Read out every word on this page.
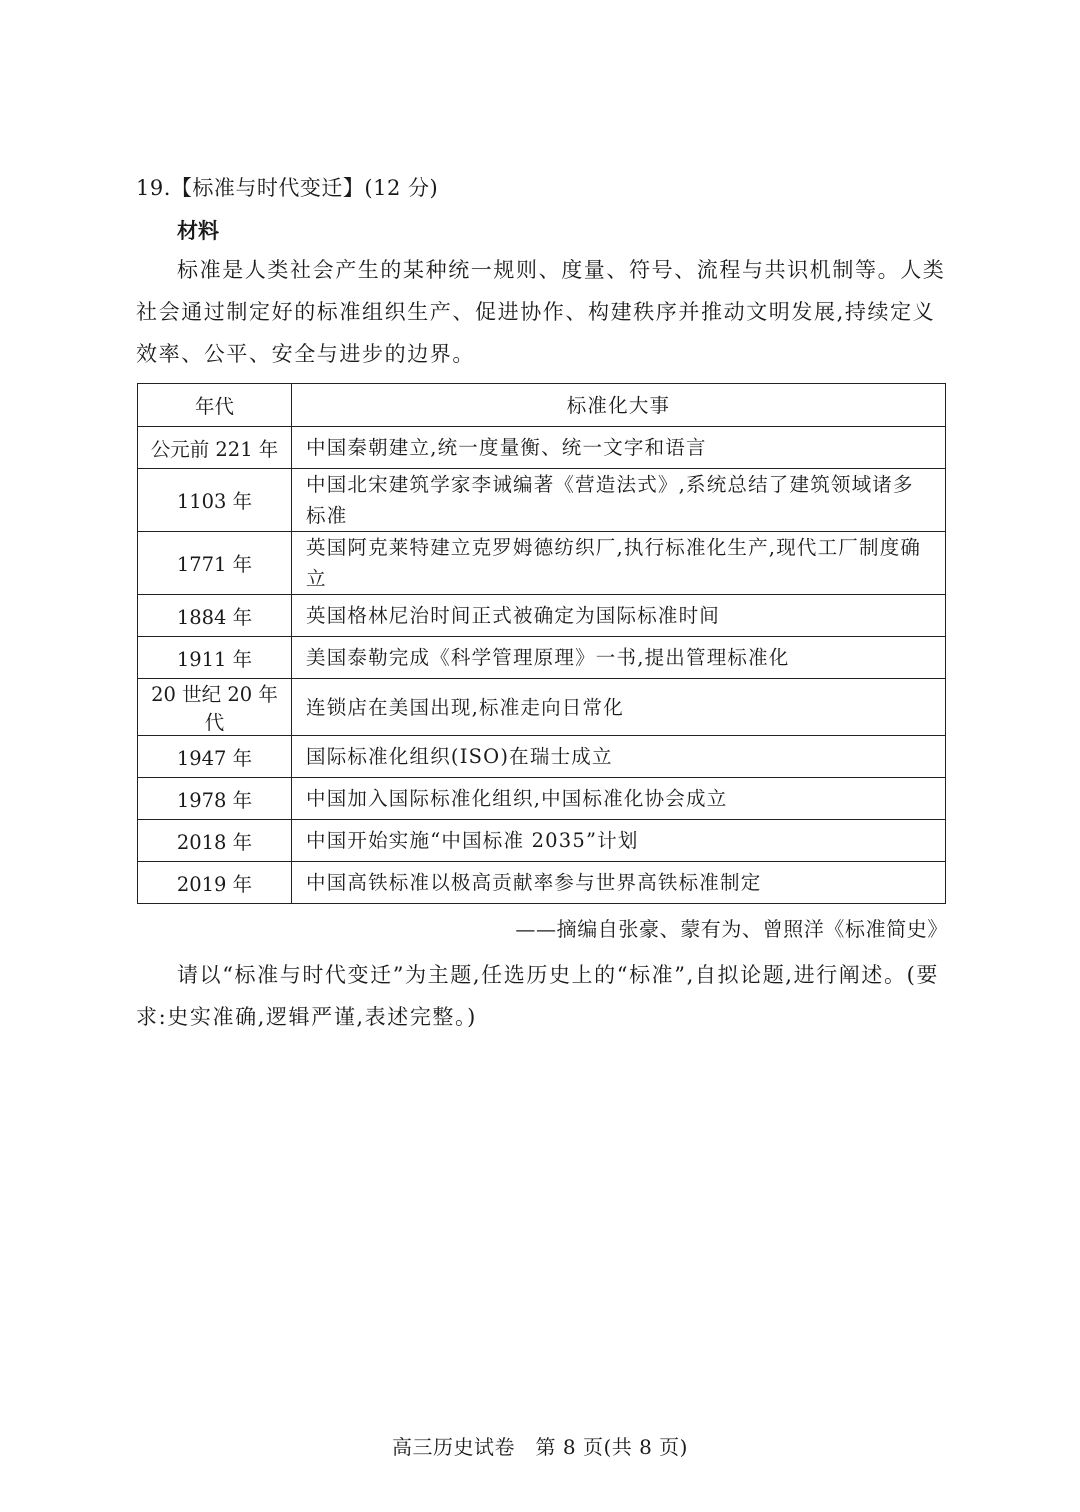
19.【标准与时代变迁】(12 分)
材料
标准是人类社会产生的某种统一规则、度量、符号、流程与共识机制等。人类社会通过制定好的标准组织生产、促进协作、构建秩序并推动文明发展,持续定义效率、公平、安全与进步的边界。
年代	标准化大事
公元前 221 年	中国秦朝建立,统一度量衡、统一文字和语言
1103 年	中国北宋建筑学家李诫编著《营造法式》,系统总结了建筑领域诸多标准
1771 年	英国阿克莱特建立克罗姆德纺织厂,执行标准化生产,现代工厂制度确立
1884 年	英国格林尼治时间正式被确定为国际标准时间
1911 年	美国泰勒完成《科学管理原理》一书,提出管理标准化
20 世纪 20 年代	连锁店在美国出现,标准走向日常化
1947 年	国际标准化组织(ISO)在瑞士成立
1978 年	中国加入国际标准化组织,中国标准化协会成立
2018 年	中国开始实施“中国标准 2035”计划
2019 年	中国高铁标准以极高贡献率参与世界高铁标准制定
——摘编自张豪、蒙有为、曾照洋《标准简史》
请以“标准与时代变迁”为主题,任选历史上的“标准”,自拟论题,进行阐述。(要求:史实准确,逻辑严谨,表述完整。)
高三历史试卷　第 8 页(共 8 页)
